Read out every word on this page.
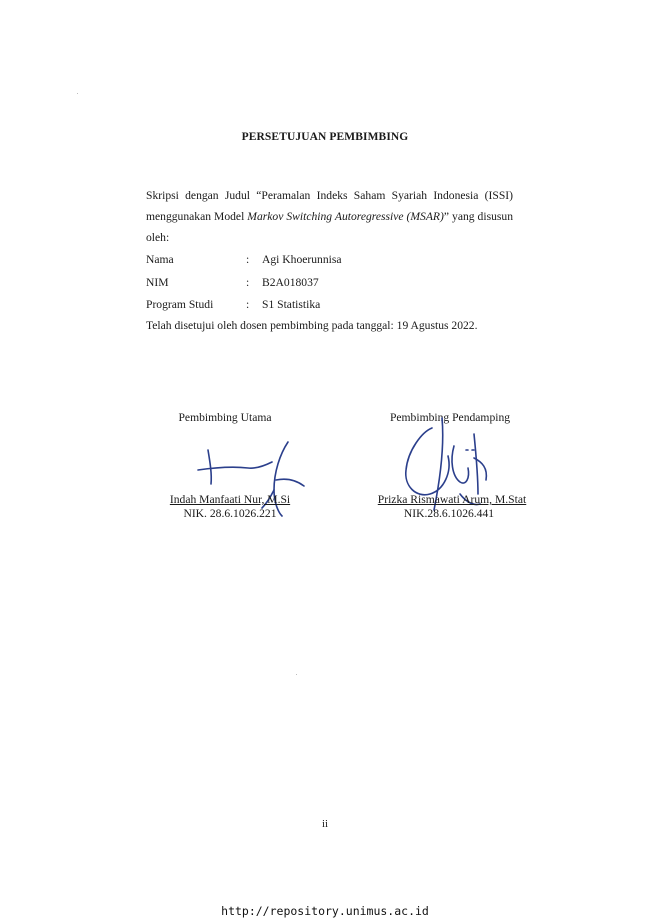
PERSETUJUAN PEMBIMBING
Skripsi dengan Judul “Peramalan Indeks Saham Syariah Indonesia (ISSI) menggunakan Model Markov Switching Autoregressive (MSAR)” yang disusun oleh:
Nama	: Agi Khoerunnisa
NIM	: B2A018037
Program Studi	: S1 Statistika
Telah disetujui oleh dosen pembimbing pada tanggal: 19 Agustus 2022.
Pembimbing Utama	Pembimbing Pendamping
Indah Manfaati Nur, M.Si
NIK. 28.6.1026.221
Prizka Rismawati Arum, M.Stat
NIK.28.6.1026.441
ii
http://repository.unimus.ac.id
